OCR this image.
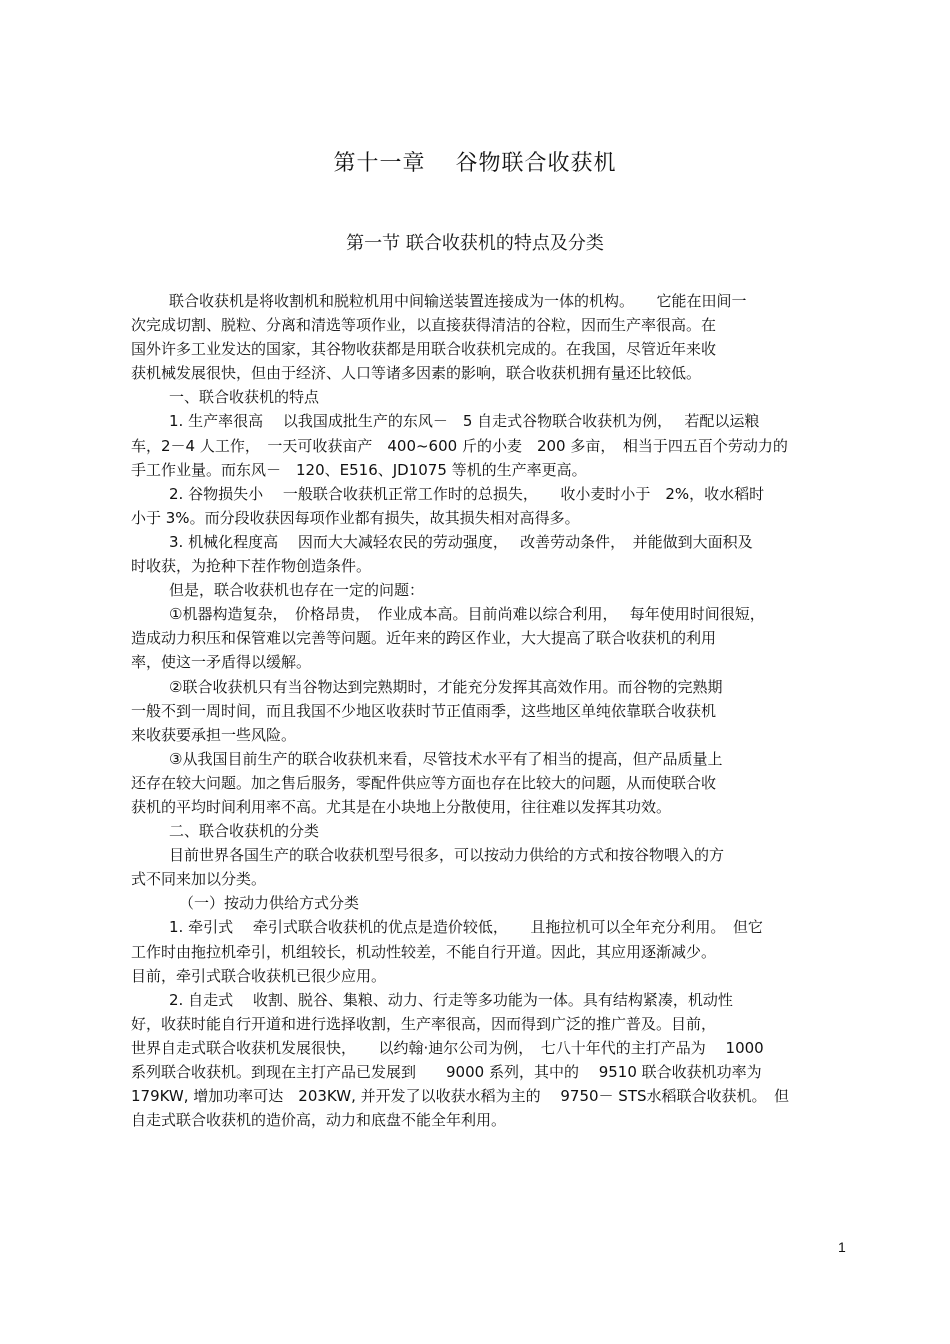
第十一章 谷物联合收获机
第一节 联合收获机的特点及分类
联合收获机是将收割机和脱粒机用中间输送装置连接成为一体的机构。　　它能在田间一
次完成切割、脱粒、分离和清选等项作业，以直接获得清洁的谷粒，因而生产率很高。在
国外许多工业发达的国家，其谷物收获都是用联合收获机完成的。在我国，尽管近年来收
获机械发展很快，但由于经济、人口等诸多因素的影响，联合收获机拥有量还比较低。
一、联合收获机的特点
1. 生产率很高　 以我国成批生产的东风－　5 自走式谷物联合收获机为例，　 若配以运粮
车，2－4 人工作，　一天可收获亩产　400~600 斤的小麦　200 多亩，　相当于四五百个劳动力的
手工作业量。而东风－　120、E516、JD1075 等机的生产率更高。
2. 谷物损失小　 一般联合收获机正常工作时的总损失，　　收小麦时小于　2%，收水稻时
小于 3%。而分段收获因每项作业都有损失，故其损失相对高得多。
3. 机械化程度高　 因而大大减轻农民的劳动强度，　 改善劳动条件，　并能做到大面积及
时收获，为抢种下茬作物创造条件。
但是，联合收获机也存在一定的问题：
①机器构造复杂，　价格昂贵，　作业成本高。目前尚难以综合利用，　 每年使用时间很短，
造成动力积压和保管难以完善等问题。近年来的跨区作业，大大提高了联合收获机的利用
率，使这一矛盾得以缓解。
②联合收获机只有当谷物达到完熟期时，才能充分发挥其高效作用。而谷物的完熟期
一般不到一周时间，而且我国不少地区收获时节正值雨季，这些地区单纯依靠联合收获机
来收获要承担一些风险。
③从我国目前生产的联合收获机来看，尽管技术水平有了相当的提高，但产品质量上
还存在较大问题。加之售后服务，零配件供应等方面也存在比较大的问题，从而使联合收
获机的平均时间利用率不高。尤其是在小块地上分散使用，往往难以发挥其功效。
二、联合收获机的分类
目前世界各国生产的联合收获机型号很多，可以按动力供给的方式和按谷物喂入的方
式不同来加以分类。
（一）按动力供给方式分类
1. 牵引式　 牵引式联合收获机的优点是造价较低，　　且拖拉机可以全年充分利用。　但它
工作时由拖拉机牵引，机组较长，机动性较差，不能自行开道。因此，其应用逐渐减少。
目前，牵引式联合收获机已很少应用。
2. 自走式　 收割、脱谷、集粮、动力、行走等多功能为一体。具有结构紧凑，机动性
好，收获时能自行开道和进行选择收割，生产率很高，因而得到广泛的推广普及。目前，
世界自走式联合收获机发展很快，　　以约翰·迪尔公司为例，　七八十年代的主打产品为　 1000
系列联合收获机。到现在主打产品已发展到　　9000 系列，其中的　 9510 联合收获机功率为
179KW, 增加功率可达　203KW, 并开发了以收获水稻为主的　 9750－ STS水稻联合收获机。　但
自走式联合收获机的造价高，动力和底盘不能全年利用。
1
